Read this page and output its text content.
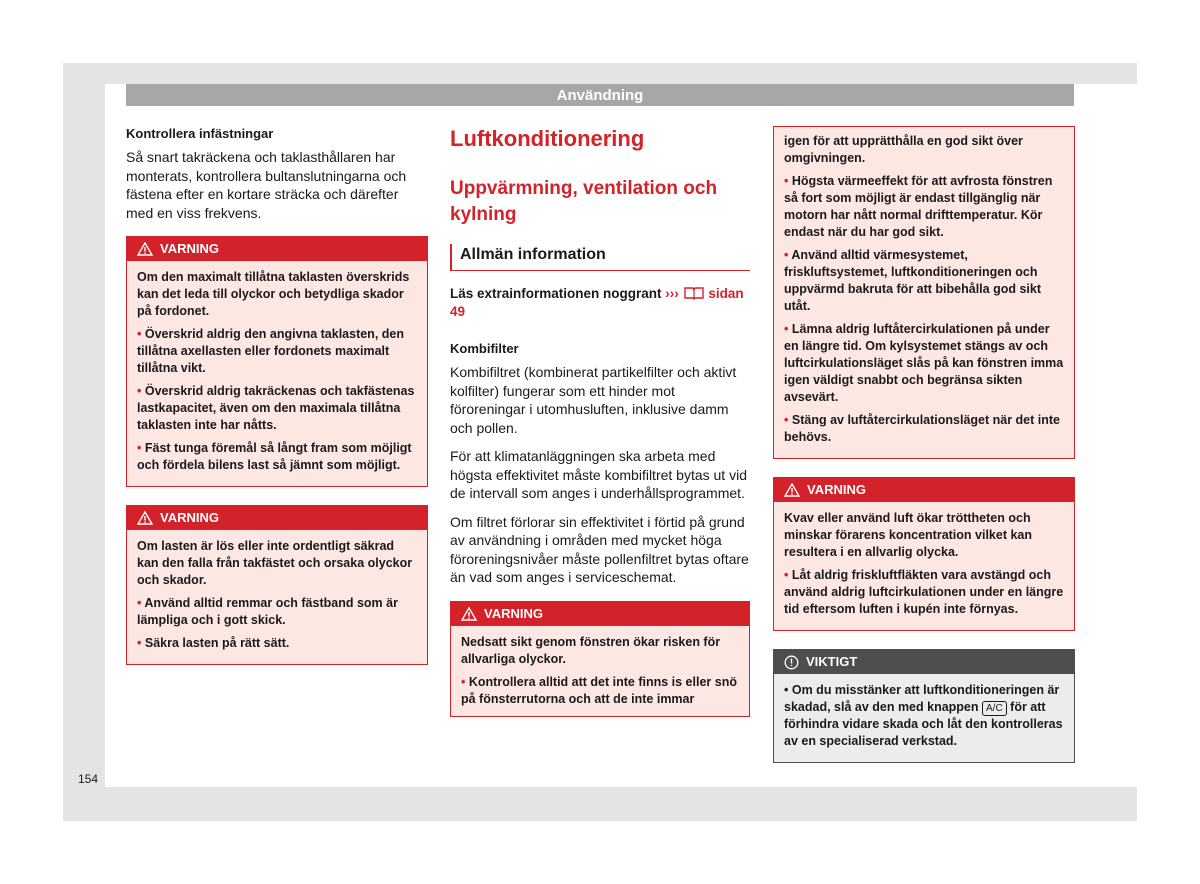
Användning
Kontrollera infästningar

Så snart takräckena och taklasthållaren har monterats, kontrollera bultanslutningarna och fästena efter en kortare sträcka och därefter med en viss frekvens.

VARNING

Om den maximalt tillåtna taklasten överskrids kan det leda till olyckor och betydliga skador på fordonet.

• Överskrid aldrig den angivna taklasten, den tillåtna axellasten eller fordonets maximalt tillåtna vikt.

• Överskrid aldrig takräckenas och takfästenas lastkapacitet, även om den maximala tillåtna taklasten inte har nåtts.

• Fäst tunga föremål så långt fram som möjligt och fördela bilens last så jämnt som möjligt.

VARNING

Om lasten är lös eller inte ordentligt säkrad kan den falla från takfästet och orsaka olyckor och skador.

• Använd alltid remmar och fästband som är lämpliga och i gott skick.

• Säkra lasten på rätt sätt.

Luftkonditionering
Uppvärmning, ventilation och kylning
Allmän information

Läs extrainformationen noggrant ››› sidan 49

Kombifilter

Kombifiltret (kombinerat partikelfilter och aktivt kolfilter) fungerar som ett hinder mot föroreningar i utomhusluften, inklusive damm och pollen.

För att klimatanläggningen ska arbeta med högsta effektivitet måste kombifiltret bytas ut vid de intervall som anges i underhållsprogrammet.

Om filtret förlorar sin effektivitet i förtid på grund av användning i områden med mycket höga föroreningsnivåer måste pollenfiltret bytas oftare än vad som anges i serviceschemat.

VARNING

Nedsatt sikt genom fönstren ökar risken för allvarliga olyckor.

• Kontrollera alltid att det inte finns is eller snö på fönsterrutorna och att de inte immar

igen för att upprätthålla en god sikt över omgivningen.

• Högsta värmeeffekt för att avfrosta fönstren så fort som möjligt är endast tillgänglig när motorn har nått normal drifttemperatur. Kör endast när du har god sikt.

• Använd alltid värmesystemet, friskluftsystemet, luftkonditioneringen och uppvärmd bakruta för att bibehålla god sikt utåt.

• Lämna aldrig luftåtercirkulationen på under en längre tid. Om kylsystemet stängs av och luftcirkulationsläget slås på kan fönstren imma igen väldigt snabbt och begränsa sikten avsevärt.

• Stäng av luftåtercirkulationsläget när det inte behövs.

VARNING

Kvav eller använd luft ökar tröttheten och minskar förarens koncentration vilket kan resultera i en allvarlig olycka.

• Låt aldrig friskluftfläkten vara avstängd och använd aldrig luftcirkulationen under en längre tid eftersom luften i kupén inte förnyas.

VIKTIGT

• Om du misstänker att luftkonditioneringen är skadad, slå av den med knappen A/C för att förhindra vidare skada och låt den kontrolleras av en specialiserad verkstad.

154
